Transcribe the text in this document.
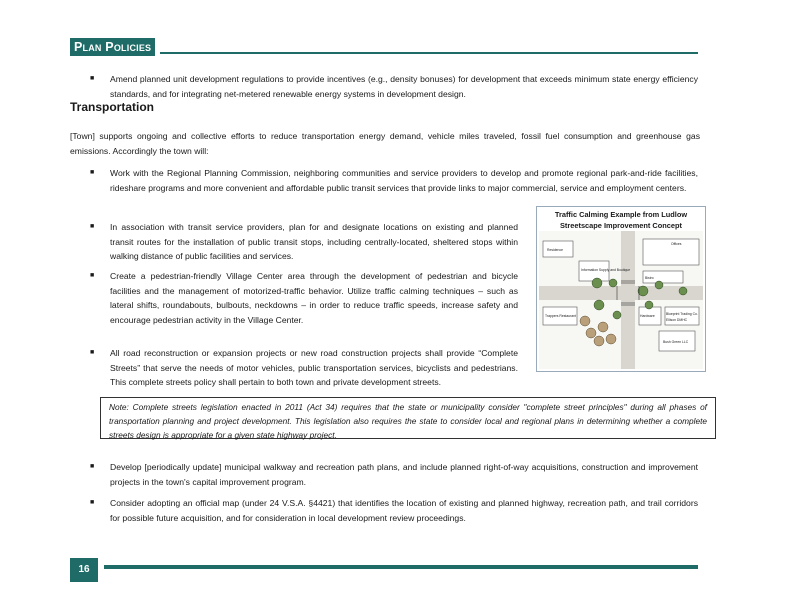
Plan Policies
■ Amend planned unit development regulations to provide incentives (e.g., density bonuses) for development that exceeds minimum state energy efficiency standards, and for integrating net-metered renewable energy systems in development design.
Transportation
[Town] supports ongoing and collective efforts to reduce transportation energy demand, vehicle miles traveled, fossil fuel consumption and greenhouse gas emissions. Accordingly the town will:
■ Work with the Regional Planning Commission, neighboring communities and service providers to develop and promote regional park-and-ride facilities, rideshare programs and more convenient and affordable public transit services that provide links to major commercial, service and employment centers.
■ In association with transit service providers, plan for and designate locations on existing and planned transit routes for the installation of public transit stops, including centrally-located, sheltered stops within walking distance of public facilities and services.
■ Create a pedestrian-friendly Village Center area through the development of pedestrian and bicycle facilities and the management of motorized-traffic behavior. Utilize traffic calming techniques – such as lateral shifts, roundabouts, bulbouts, neckdowns – in order to reduce traffic speeds, increase safety and encourage pedestrian activity in the Village Center.
■ All road reconstruction or expansion projects or new road construction projects shall provide “Complete Streets” that serve the needs of motor vehicles, public transportation services, bicyclists and pedestrians. This complete streets policy shall pertain to both town and private development streets.
Traffic Calming Example from Ludlow
Streetscape Improvement Concept
Residence
Offices
Information Supply and Boutique
Bistro
Trappers Restaurant	Hardware	Blueprint Trading Co.
Ellison DMHC
Bush Green LLC
Note: Complete streets legislation enacted in 2011 (Act 34) requires that the state or municipality consider "complete street principles" during all phases of transportation planning and project development. This legislation also requires the state to consider local and regional plans in determining whether a complete streets design is appropriate for a given state highway project.
■ Develop [periodically update] municipal walkway and recreation path plans, and include planned right-of-way acquisitions, construction and improvement projects in the town's capital improvement program.
■ Consider adopting an official map (under 24 V.S.A. §4421) that identifies the location of existing and planned highway, recreation path, and trail corridors for possible future acquisition, and for consideration in local development review proceedings.
16
